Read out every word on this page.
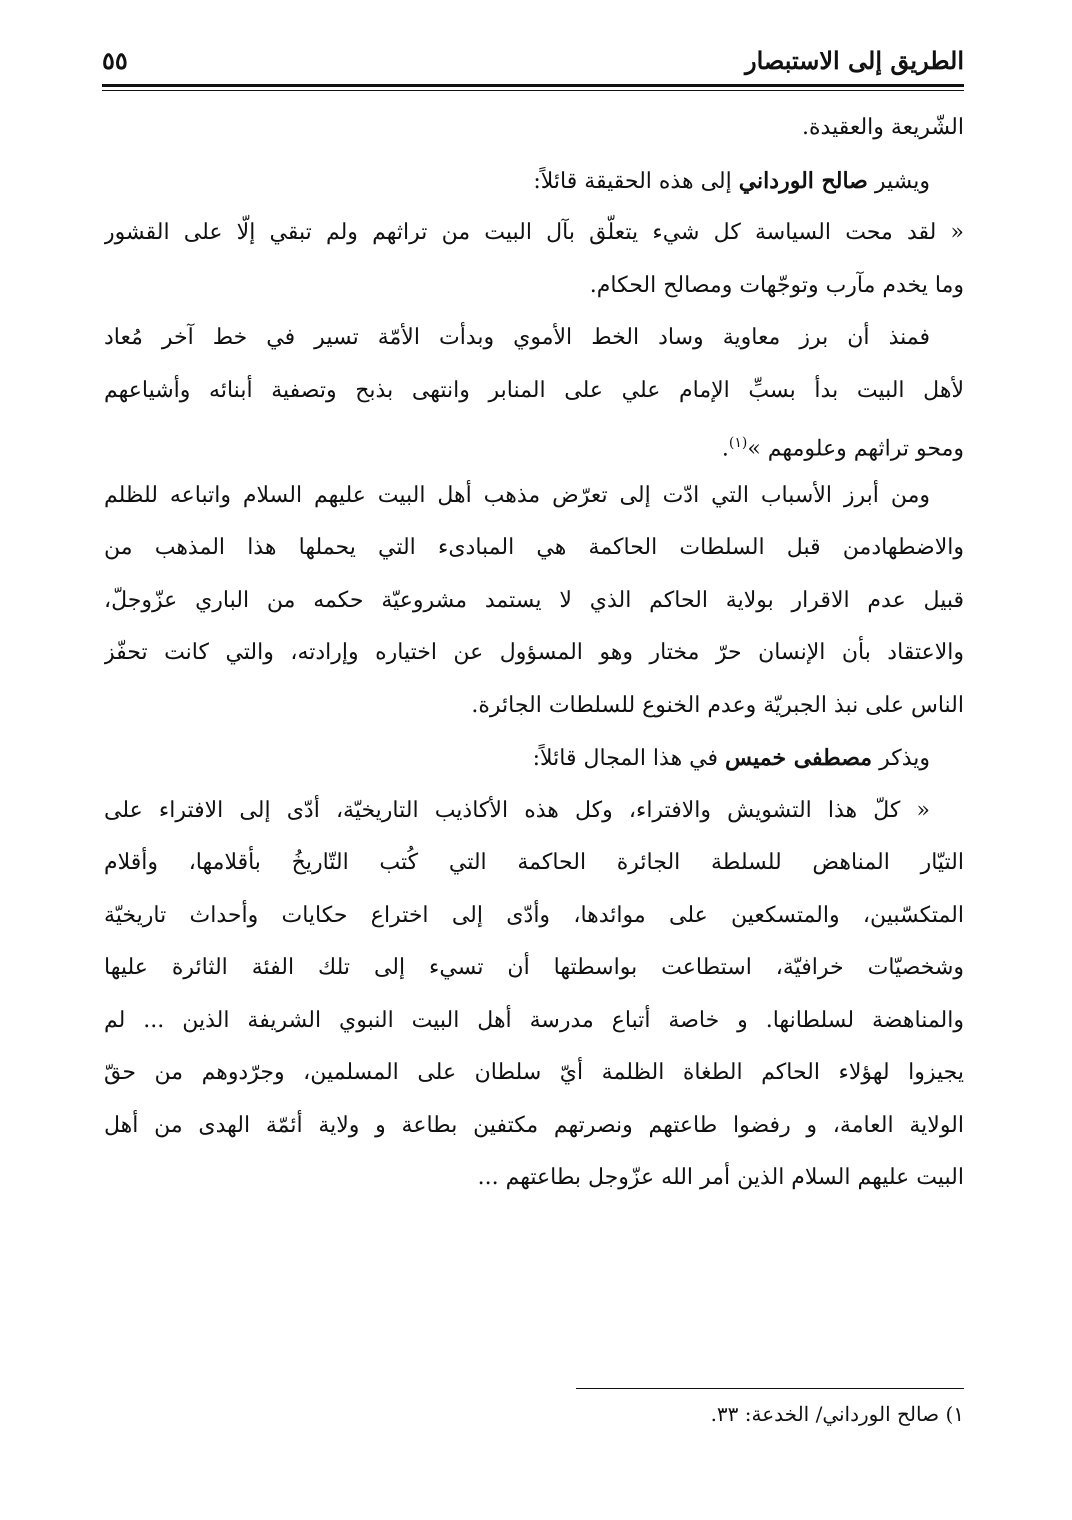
الطريق إلى الاستبصار
٥٥
الشّريعة والعقيدة.
ويشير صالح الورداني إلى هذه الحقيقة قائلاً:
« لقد محت السياسة كل شيء يتعلّق بآل البيت من تراثهم ولم تبقي إلّا على القشور
وما يخدم مآرب وتوجّهات ومصالح الحكام.
فمنذ أن برز معاوية وساد الخط الأموي وبدأت الأمّة تسير في خط آخر مُعاد
لأهل البيت بدأ بسبِّ الإمام علي على المنابر وانتهى بذبح وتصفية أبنائه وأشياعهم
ومحو تراثهم وعلومهم »$^{(١)}$.
ومن أبرز الأسباب التي ادّت إلى تعرّض مذهب أهل البيت عليهم السلام واتباعه للظلم
والاضطهادمن قبل السلطات الحاكمة هي المبادىء التي يحملها هذا المذهب من
قبيل عدم الاقرار بولاية الحاكم الذي لا يستمد مشروعيّة حكمه من الباري عزّوجلّ،
والاعتقاد بأن الإنسان حرّ مختار وهو المسؤول عن اختياره وإرادته، والتي كانت تحفّز
الناس على نبذ الجبريّة وعدم الخنوع للسلطات الجائرة.
ويذكر مصطفى خميس في هذا المجال قائلاً:
« كلّ هذا التشويش والافتراء، وكل هذه الأكاذيب التاريخيّة، أدّى إلى الافتراء على
التيّار المناهض للسلطة الجائرة الحاكمة التي كُتب التّاريخُ بأقلامها، وأقلام
المتكسّبين، والمتسكعين على موائدها، وأدّى إلى اختراع حكايات وأحداث تاريخيّة
وشخصيّات خرافيّة، استطاعت بواسطتها أن تسيء إلى تلك الفئة الثائرة عليها
والمناهضة لسلطانها. و خاصة أتباع مدرسة أهل البيت النبوي الشريفة الذين ... لم
يجيزوا لهؤلاء الحاكم الطغاة الظلمة أيّ سلطان على المسلمين، وجرّدوهم من حقّ
الولاية العامة، و رفضوا طاعتهم ونصرتهم مكتفين بطاعة و ولاية أئمّة الهدى من أهل
البيت عليهم السلام الذين أمر الله عزّوجل بطاعتهم ...
١) صالح الورداني/ الخدعة: ٣٣.
